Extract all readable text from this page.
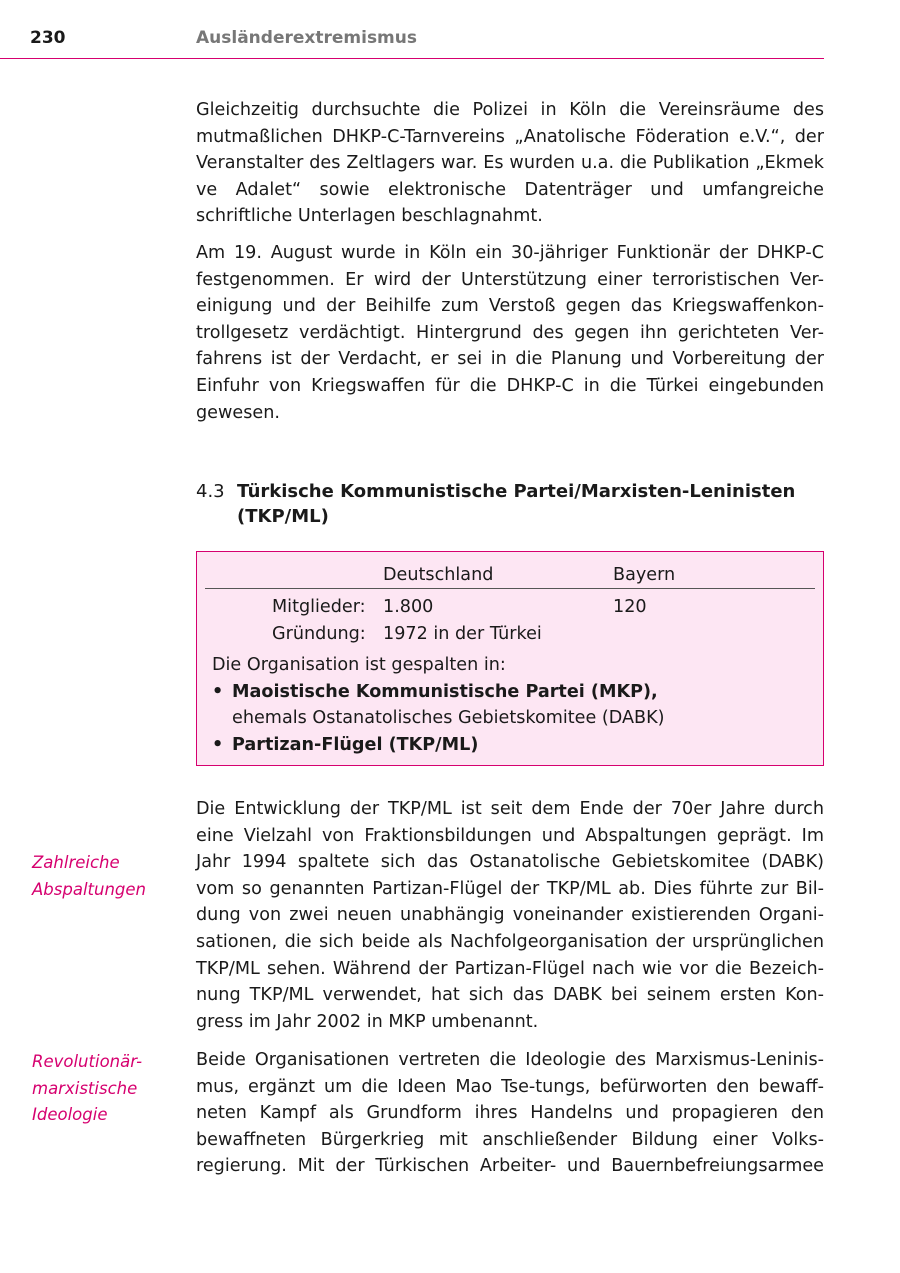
230	Ausländerextremismus
Gleichzeitig durchsuchte die Polizei in Köln die Vereinsräume des
mutmaßlichen DHKP-C-Tarnvereins „Anatolische Föderation e.V.“, der
Veranstalter des Zeltlagers war. Es wurden u.a. die Publikation „Ekmek
ve Adalet“ sowie elektronische Datenträger und umfangreiche
schriftliche Unterlagen beschlagnahmt.
Am 19. August wurde in Köln ein 30-jähriger Funktionär der DHKP-C
festgenommen. Er wird der Unterstützung einer terroristischen Ver-
einigung und der Beihilfe zum Verstoß gegen das Kriegswaffenkon-
trollgesetz verdächtigt. Hintergrund des gegen ihn gerichteten Ver-
fahrens ist der Verdacht, er sei in die Planung und Vorbereitung der
Einfuhr von Kriegswaffen für die DHKP-C in die Türkei eingebunden
gewesen.
4.3 Türkische Kommunistische Partei/Marxisten-Leninisten
(TKP/ML)
Deutschland	Bayern
Mitglieder: 1.800	120
Gründung: 1972 in der Türkei
Die Organisation ist gespalten in:
• Maoistische Kommunistische Partei (MKP),
ehemals Ostanatolisches Gebietskomitee (DABK)
• Partizan-Flügel (TKP/ML)
Die Entwicklung der TKP/ML ist seit dem Ende der 70er Jahre durch
eine Vielzahl von Fraktionsbildungen und Abspaltungen geprägt. Im
Jahr 1994 spaltete sich das Ostanatolische Gebietskomitee (DABK)
vom so genannten Partizan-Flügel der TKP/ML ab. Dies führte zur Bil-
dung von zwei neuen unabhängig voneinander existierenden Organi-
sationen, die sich beide als Nachfolgeorganisation der ursprünglichen
TKP/ML sehen. Während der Partizan-Flügel nach wie vor die Bezeich-
nung TKP/ML verwendet, hat sich das DABK bei seinem ersten Kon-
gress im Jahr 2002 in MKP umbenannt.
Beide Organisationen vertreten die Ideologie des Marxismus-Leninis-
mus, ergänzt um die Ideen Mao Tse-tungs, befürworten den bewaff-
neten Kampf als Grundform ihres Handelns und propagieren den
bewaffneten Bürgerkrieg mit anschließender Bildung einer Volks-
regierung. Mit der Türkischen Arbeiter- und Bauernbefreiungsarmee
Zahlreiche
Abspaltungen
Revolutionär-
marxistische
Ideologie
